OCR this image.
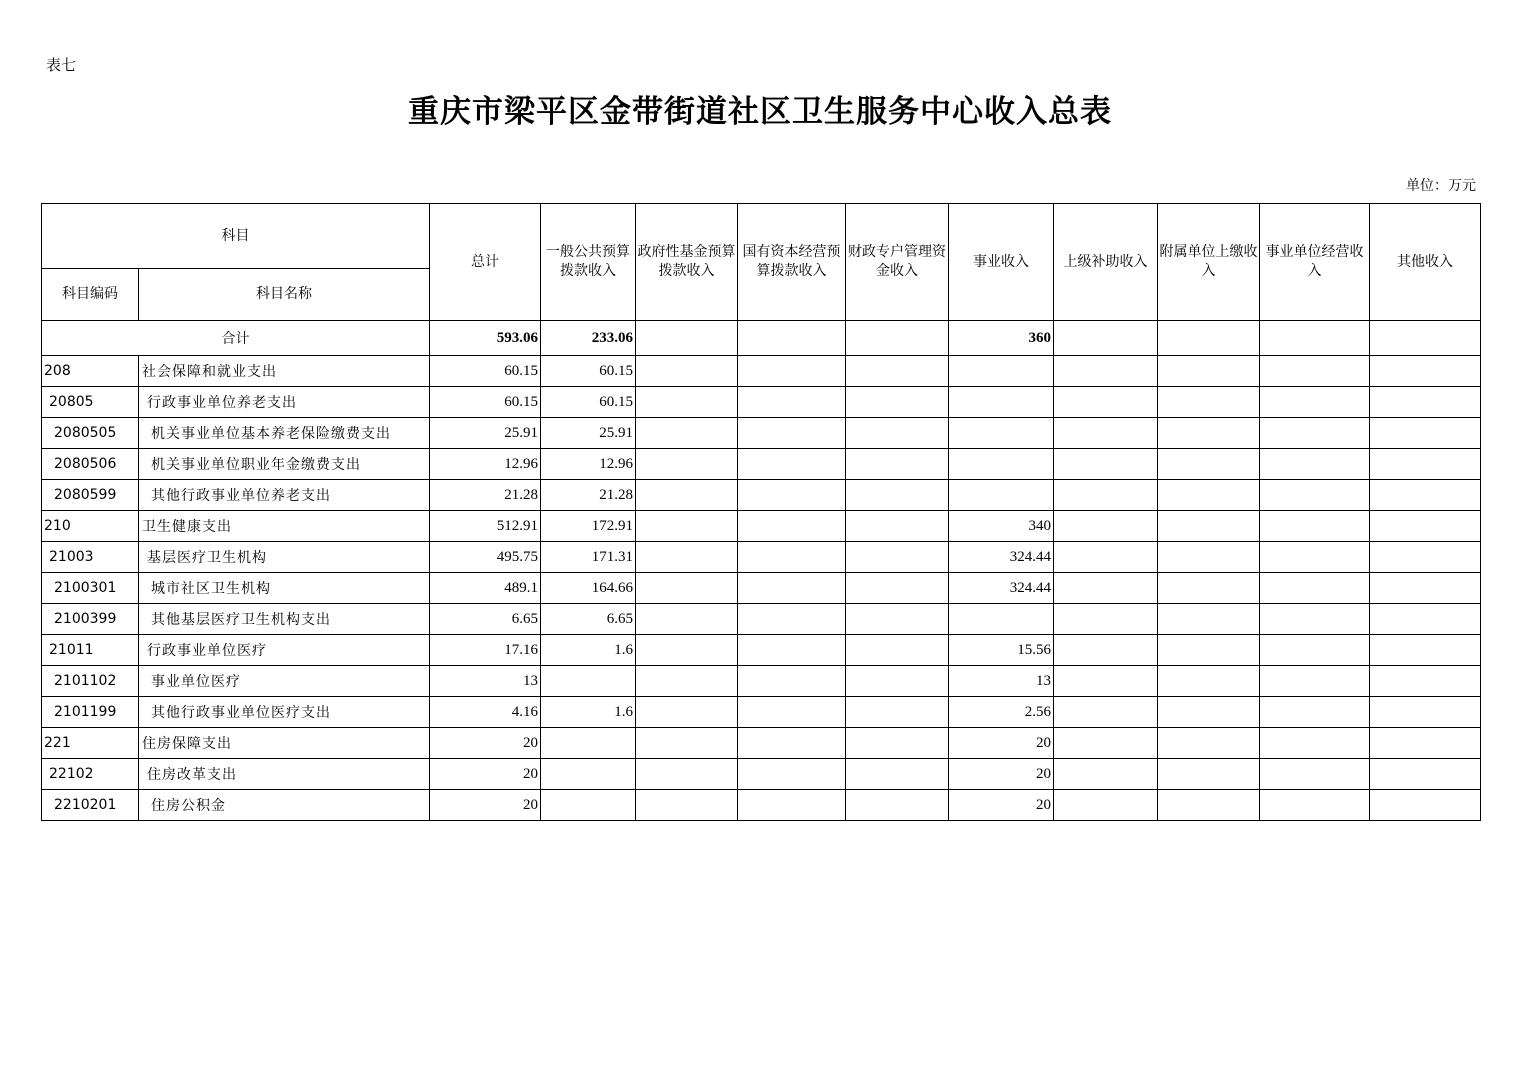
表七
重庆市梁平区金带街道社区卫生服务中心收入总表
单位：万元
科目		总计	一般公共预算拨款收入	政府性基金预算拨款收入	国有资本经营预算拨款收入	财政专户管理资金收入	事业收入	上级补助收入	附属单位上缴收入	事业单位经营收入	其他收入
科目编码	科目名称										
合计		593.06	233.06				360				
208	社会保障和就业支出	60.15	60.15								
20805	行政事业单位养老支出	60.15	60.15								
2080505	机关事业单位基本养老保险缴费支出	25.91	25.91								
2080506	机关事业单位职业年金缴费支出	12.96	12.96								
2080599	其他行政事业单位养老支出	21.28	21.28								
210	卫生健康支出	512.91	172.91				340				
21003	基层医疗卫生机构	495.75	171.31				324.44				
2100301	城市社区卫生机构	489.1	164.66				324.44				
2100399	其他基层医疗卫生机构支出	6.65	6.65								
21011	行政事业单位医疗	17.16	1.6				15.56				
2101102	事业单位医疗	13					13				
2101199	其他行政事业单位医疗支出	4.16	1.6				2.56				
221	住房保障支出	20					20				
22102	住房改革支出	20					20				
2210201	住房公积金	20					20				
